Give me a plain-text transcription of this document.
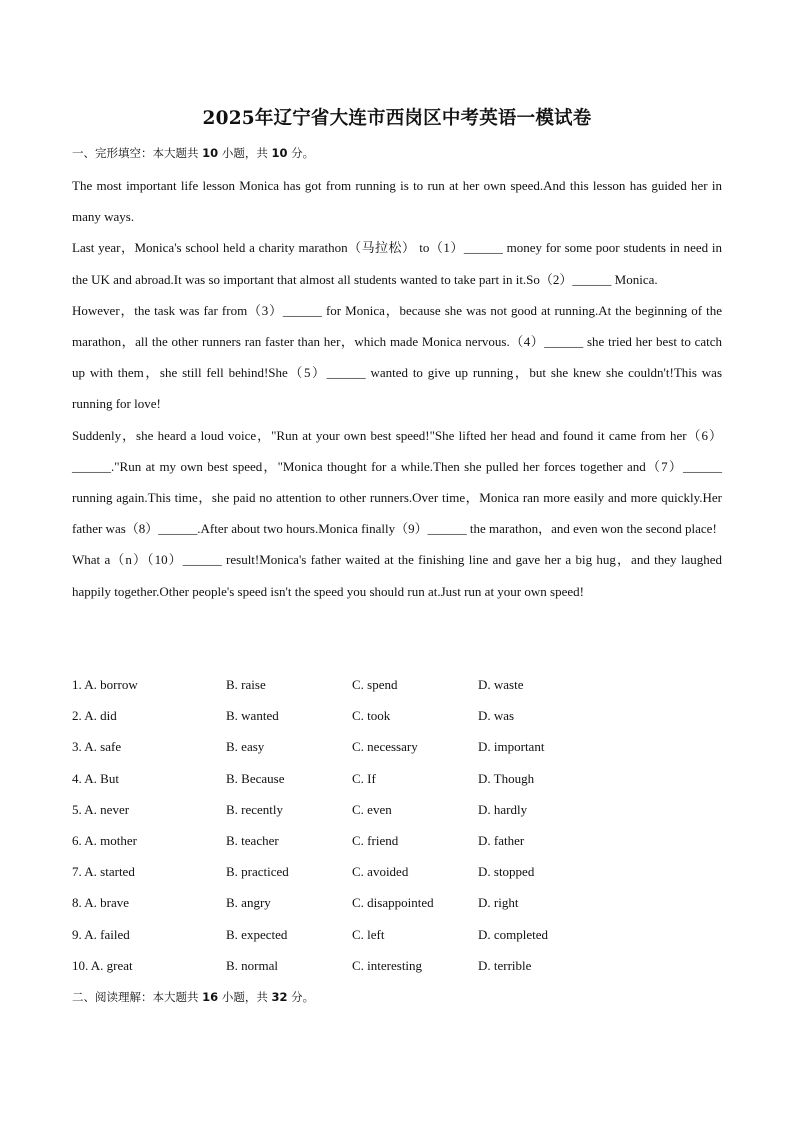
2025年辽宁省大连市西岗区中考英语一模试卷
一、完形填空：本大题共 10 小题，共 10 分。

The most important life lesson Monica has got from running is to run at her own speed.And this lesson has guided her in many ways.

Last year，Monica's school held a charity marathon（马拉松） to（1）______ money for some poor students in need in the UK and abroad.It was so important that almost all students wanted to take part in it.So（2）______ Monica.

However，the task was far from（3）______ for Monica，because she was not good at running.At the beginning of the marathon，all the other runners ran faster than her，which made Monica nervous.（4）______ she tried her best to catch up with them，she still fell behind!She（5）______ wanted to give up running，but she knew she couldn't!This was running for love!

Suddenly，she heard a loud voice，"Run at your own best speed!"She lifted her head and found it came from her（6）______."Run at my own best speed，"Monica thought for a while.Then she pulled her forces together and（7）______ running again.This time，she paid no attention to other runners.Over time，Monica ran more easily and more quickly.Her father was（8）______.After about two hours.Monica finally（9）______ the marathon，and even won the second place!

What a（n）（10）______ result!Monica's father waited at the finishing line and gave her a big hug，and they laughed happily together.Other people's speed isn't the speed you should run at.Just run at your own speed!

1. A. borrow	B. raise	C. spend	D. waste
2. A. did	B. wanted	C. took	D. was
3. A. safe	B. easy	C. necessary	D. important
4. A. But	B. Because	C. If	D. Though
5. A. never	B. recently	C. even	D. hardly
6. A. mother	B. teacher	C. friend	D. father
7. A. started	B. practiced	C. avoided	D. stopped
8. A. brave	B. angry	C. disappointed	D. right
9. A. failed	B. expected	C. left	D. completed
10. A. great	B. normal	C. interesting	D. terrible
二、阅读理解：本大题共 16 小题，共 32 分。
